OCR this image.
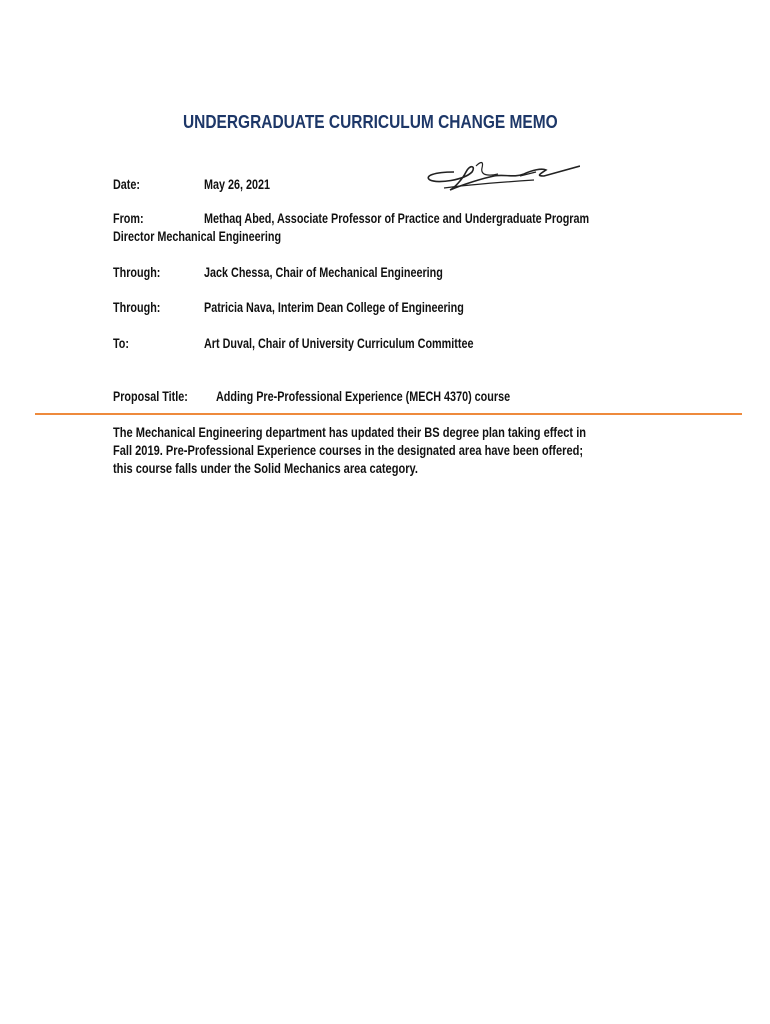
UNDERGRADUATE CURRICULUM CHANGE MEMO
Date:	May 26, 2021
From:	Methaq Abed, Associate Professor of Practice and Undergraduate Program
Director Mechanical Engineering
Through:	Jack Chessa, Chair of Mechanical Engineering
Through:	Patricia Nava, Interim Dean College of Engineering
To:	Art Duval, Chair of University Curriculum Committee
Proposal Title: Adding Pre-Professional Experience (MECH 4370) course
The Mechanical Engineering department has updated their BS degree plan taking effect in
Fall 2019. Pre-Professional Experience courses in the designated area have been offered;
this course falls under the Solid Mechanics area category.
